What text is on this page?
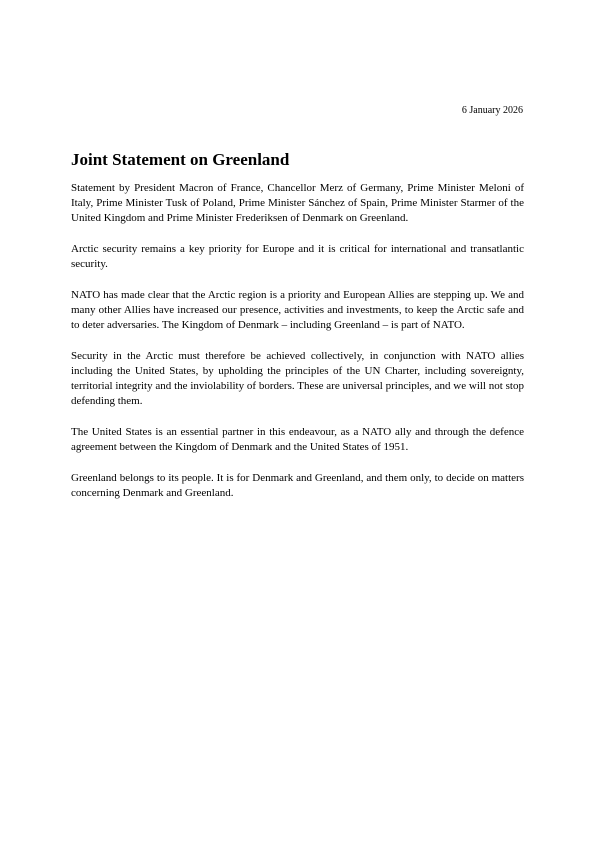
6 January 2026
Joint Statement on Greenland

Statement by President Macron of France, Chancellor Merz of Germany, Prime Minister Meloni of Italy, Prime Minister Tusk of Poland, Prime Minister Sánchez of Spain, Prime Minister Starmer of the United Kingdom and Prime Minister Frederiksen of Denmark on Greenland.

Arctic security remains a key priority for Europe and it is critical for international and transatlantic security.

NATO has made clear that the Arctic region is a priority and European Allies are stepping up. We and many other Allies have increased our presence, activities and investments, to keep the Arctic safe and to deter adversaries. The Kingdom of Denmark – including Greenland – is part of NATO.

Security in the Arctic must therefore be achieved collectively, in conjunction with NATO allies including the United States, by upholding the principles of the UN Charter, including sovereignty, territorial integrity and the inviolability of borders. These are universal principles, and we will not stop defending them.

The United States is an essential partner in this endeavour, as a NATO ally and through the defence agreement between the Kingdom of Denmark and the United States of 1951.

Greenland belongs to its people. It is for Denmark and Greenland, and them only, to decide on matters concerning Denmark and Greenland.
